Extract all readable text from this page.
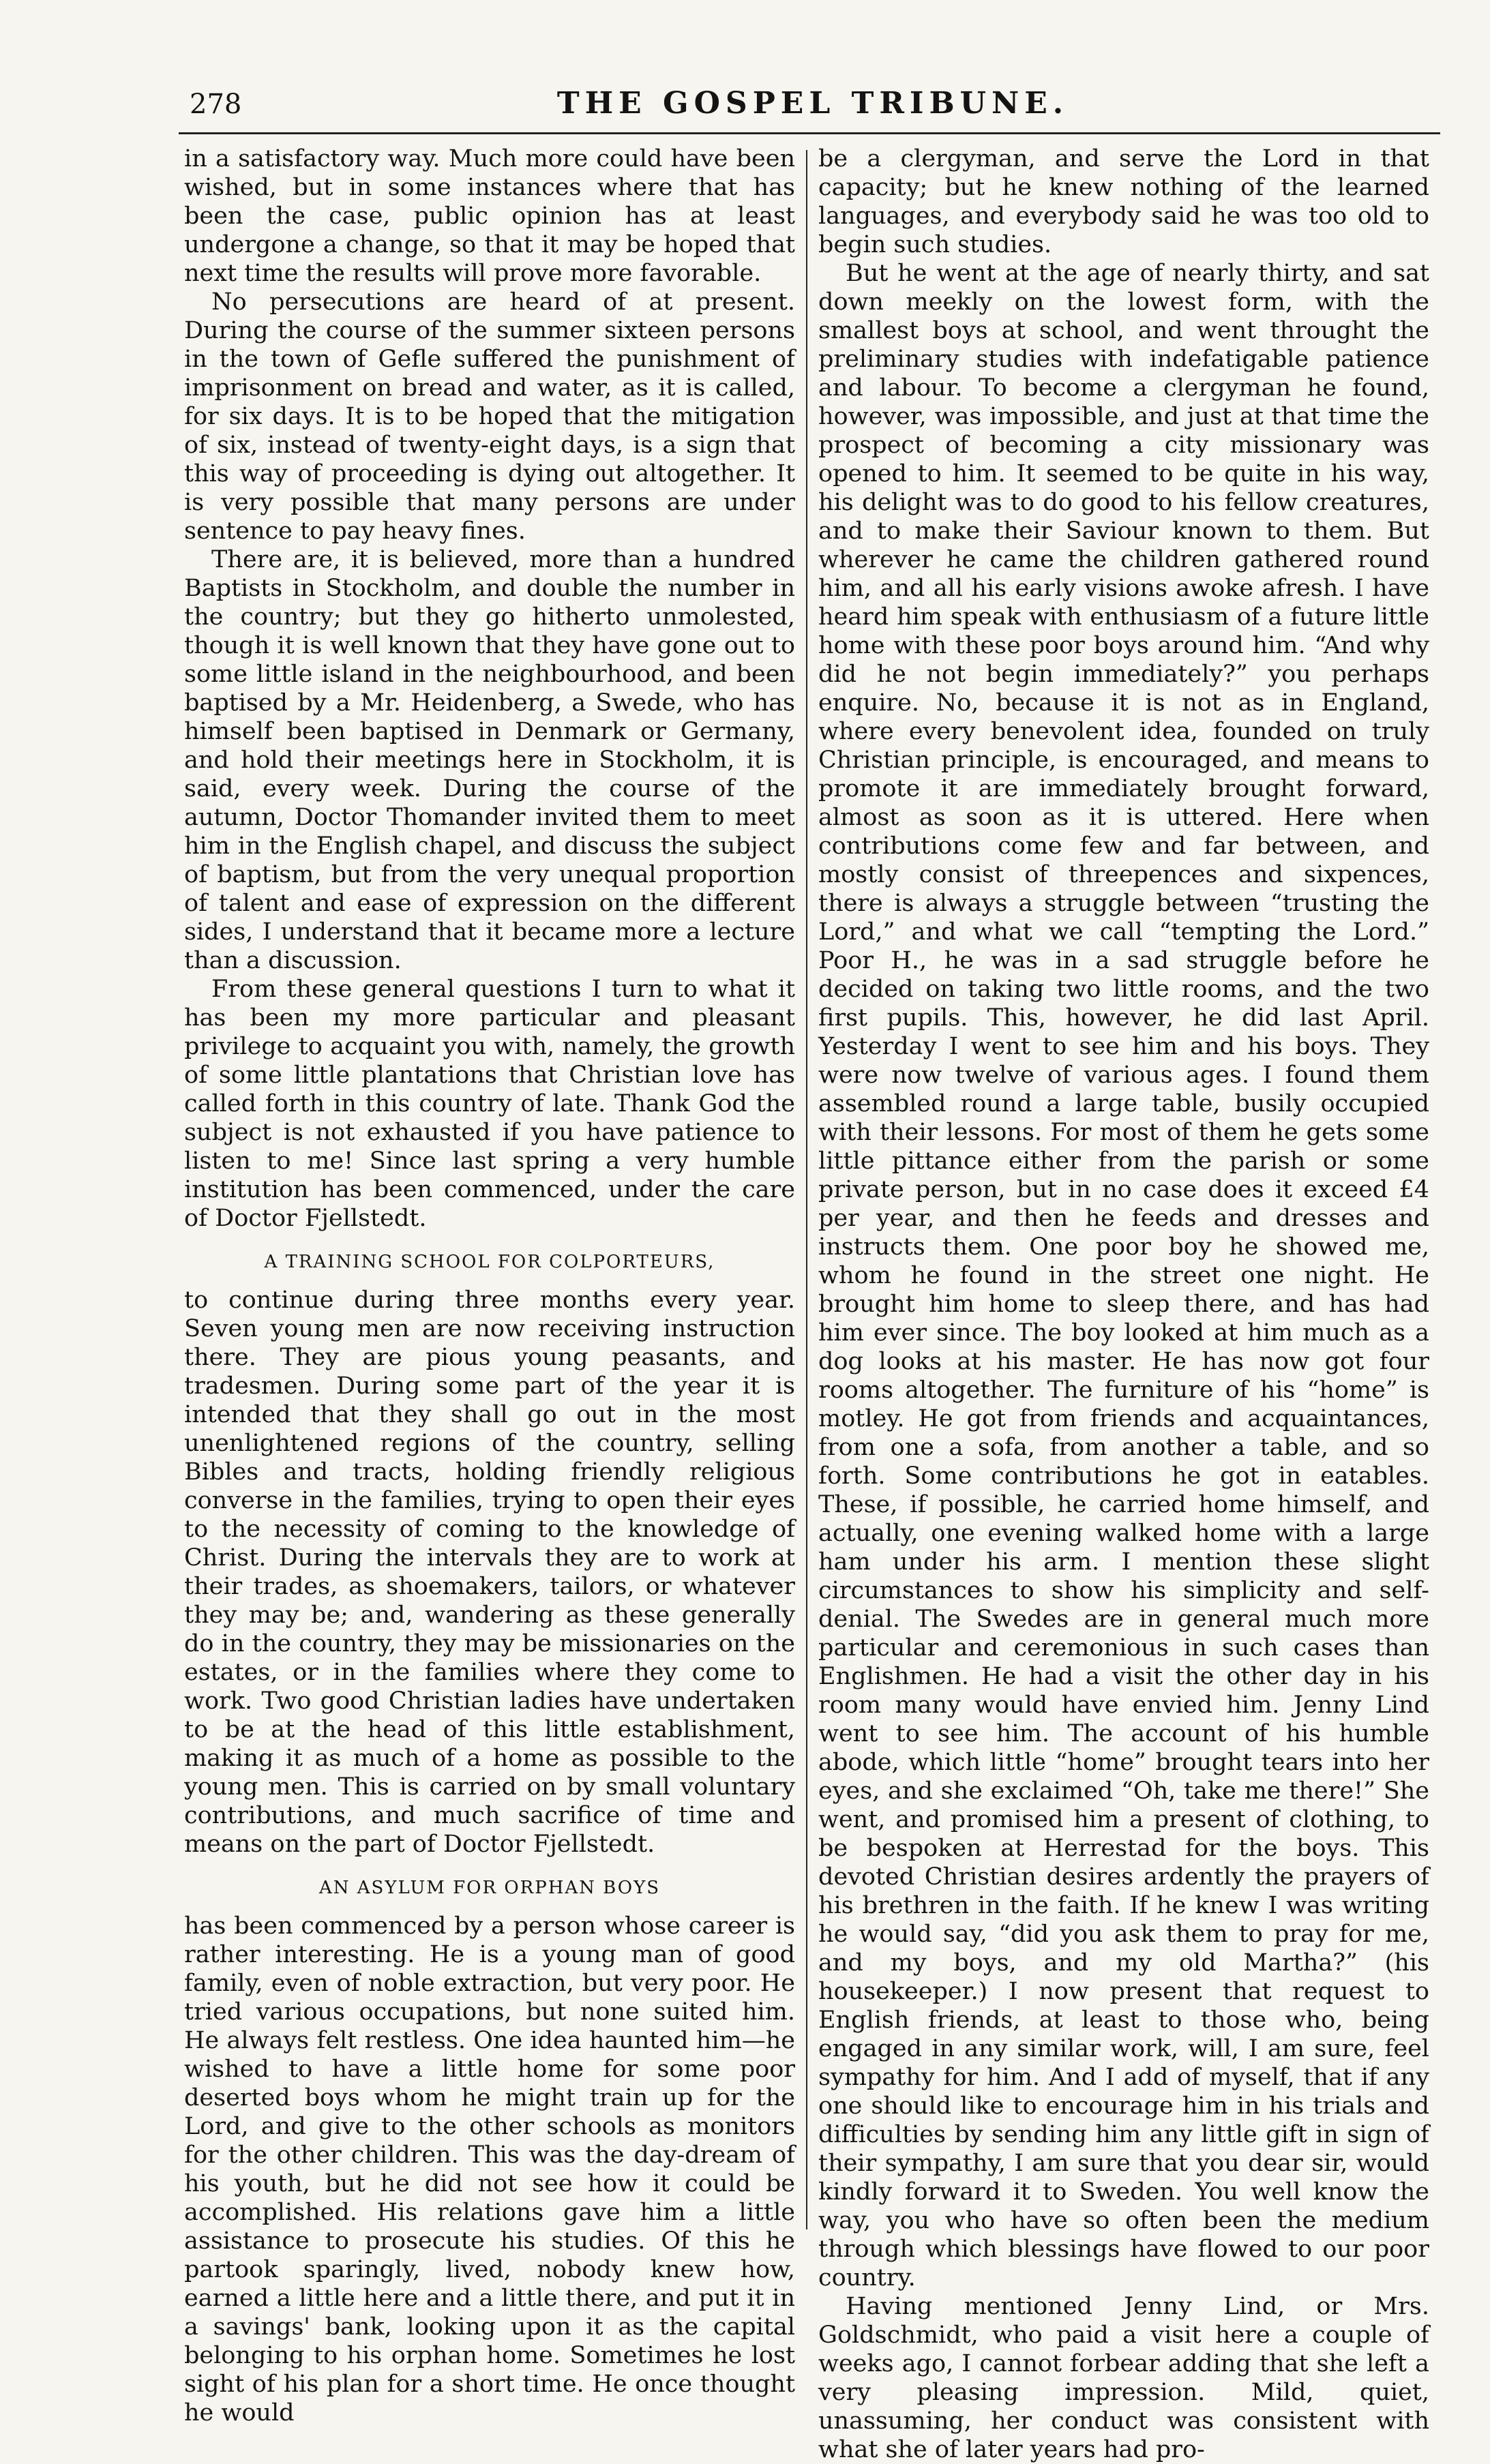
278	THE GOSPEL TRIBUNE.

in a satisfactory way. Much more could have been wished, but in some instances where that has been the case, public opinion has at least undergone a change, so that it may be hoped that next time the results will prove more favorable.

No persecutions are heard of at present. During the course of the summer sixteen persons in the town of Gefle suffered the punishment of imprisonment on bread and water, as it is called, for six days. It is to be hoped that the mitigation of six, instead of twenty-eight days, is a sign that this way of proceeding is dying out altogether. It is very possible that many persons are under sentence to pay heavy fines.

There are, it is believed, more than a hundred Baptists in Stockholm, and double the number in the country; but they go hitherto unmolested, though it is well known that they have gone out to some little island in the neighbourhood, and been baptised by a Mr. Heidenberg, a Swede, who has himself been baptised in Denmark or Germany, and hold their meetings here in Stockholm, it is said, every week. During the course of the autumn, Doctor Thomander invited them to meet him in the English chapel, and discuss the subject of baptism, but from the very unequal proportion of talent and ease of expression on the different sides, I understand that it became more a lecture than a discussion.

From these general questions I turn to what it has been my more particular and pleasant privilege to acquaint you with, namely, the growth of some little plantations that Christian love has called forth in this country of late. Thank God the subject is not exhausted if you have patience to listen to me! Since last spring a very humble institution has been commenced, under the care of Doctor Fjellstedt.

A TRAINING SCHOOL FOR COLPORTEURS,

to continue during three months every year. Seven young men are now receiving instruction there. They are pious young peasants, and tradesmen. During some part of the year it is intended that they shall go out in the most unenlightened regions of the country, selling Bibles and tracts, holding friendly religious converse in the families, trying to open their eyes to the necessity of coming to the knowledge of Christ. During the intervals they are to work at their trades, as shoemakers, tailors, or whatever they may be; and, wandering as these generally do in the country, they may be missionaries on the estates, or in the families where they come to work. Two good Christian ladies have undertaken to be at the head of this little establishment, making it as much of a home as possible to the young men. This is carried on by small voluntary contributions, and much sacrifice of time and means on the part of Doctor Fjellstedt.

AN ASYLUM FOR ORPHAN BOYS

has been commenced by a person whose career is rather interesting. He is a young man of good family, even of noble extraction, but very poor. He tried various occupations, but none suited him. He always felt restless. One idea haunted him—he wished to have a little home for some poor deserted boys whom he might train up for the Lord, and give to the other schools as monitors for the other children. This was the day-dream of his youth, but he did not see how it could be accomplished. His relations gave him a little assistance to prosecute his studies. Of this he partook sparingly, lived, nobody knew how, earned a little here and a little there, and put it in a savings' bank, looking upon it as the capital belonging to his orphan home. Sometimes he lost sight of his plan for a short time. He once thought he would

be a clergyman, and serve the Lord in that capacity; but he knew nothing of the learned languages, and everybody said he was too old to begin such studies.

But he went at the age of nearly thirty, and sat down meekly on the lowest form, with the smallest boys at school, and went throught the preliminary studies with indefatigable patience and labour. To become a clergyman he found, however, was impossible, and just at that time the prospect of becoming a city missionary was opened to him. It seemed to be quite in his way, his delight was to do good to his fellow creatures, and to make their Saviour known to them. But wherever he came the children gathered round him, and all his early visions awoke afresh. I have heard him speak with enthusiasm of a future little home with these poor boys around him. “And why did he not begin immediately?” you perhaps enquire. No, because it is not as in England, where every benevolent idea, founded on truly Christian principle, is encouraged, and means to promote it are immediately brought forward, almost as soon as it is uttered. Here when contributions come few and far between, and mostly consist of threepences and sixpences, there is always a struggle between “trusting the Lord,” and what we call “tempting the Lord.” Poor H., he was in a sad struggle before he decided on taking two little rooms, and the two first pupils. This, however, he did last April. Yesterday I went to see him and his boys. They were now twelve of various ages. I found them assembled round a large table, busily occupied with their lessons. For most of them he gets some little pittance either from the parish or some private person, but in no case does it exceed £4 per year, and then he feeds and dresses and instructs them. One poor boy he showed me, whom he found in the street one night. He brought him home to sleep there, and has had him ever since. The boy looked at him much as a dog looks at his master. He has now got four rooms altogether. The furniture of his “home” is motley. He got from friends and acquaintances, from one a sofa, from another a table, and so forth. Some contributions he got in eatables. These, if possible, he carried home himself, and actually, one evening walked home with a large ham under his arm. I mention these slight circumstances to show his simplicity and self-denial. The Swedes are in general much more particular and ceremonious in such cases than Englishmen. He had a visit the other day in his room many would have envied him. Jenny Lind went to see him. The account of his humble abode, which little “home” brought tears into her eyes, and she exclaimed “Oh, take me there!” She went, and promised him a present of clothing, to be bespoken at Herrestad for the boys. This devoted Christian desires ardently the prayers of his brethren in the faith. If he knew I was writing he would say, “did you ask them to pray for me, and my boys, and my old Martha?” (his housekeeper.) I now present that request to English friends, at least to those who, being engaged in any similar work, will, I am sure, feel sympathy for him. And I add of myself, that if any one should like to encourage him in his trials and difficulties by sending him any little gift in sign of their sympathy, I am sure that you dear sir, would kindly forward it to Sweden. You well know the way, you who have so often been the medium through which blessings have flowed to our poor country.

Having mentioned Jenny Lind, or Mrs. Goldschmidt, who paid a visit here a couple of weeks ago, I cannot forbear adding that she left a very pleasing impression. Mild, quiet, unassuming, her conduct was consistent with what she of later years had pro-
